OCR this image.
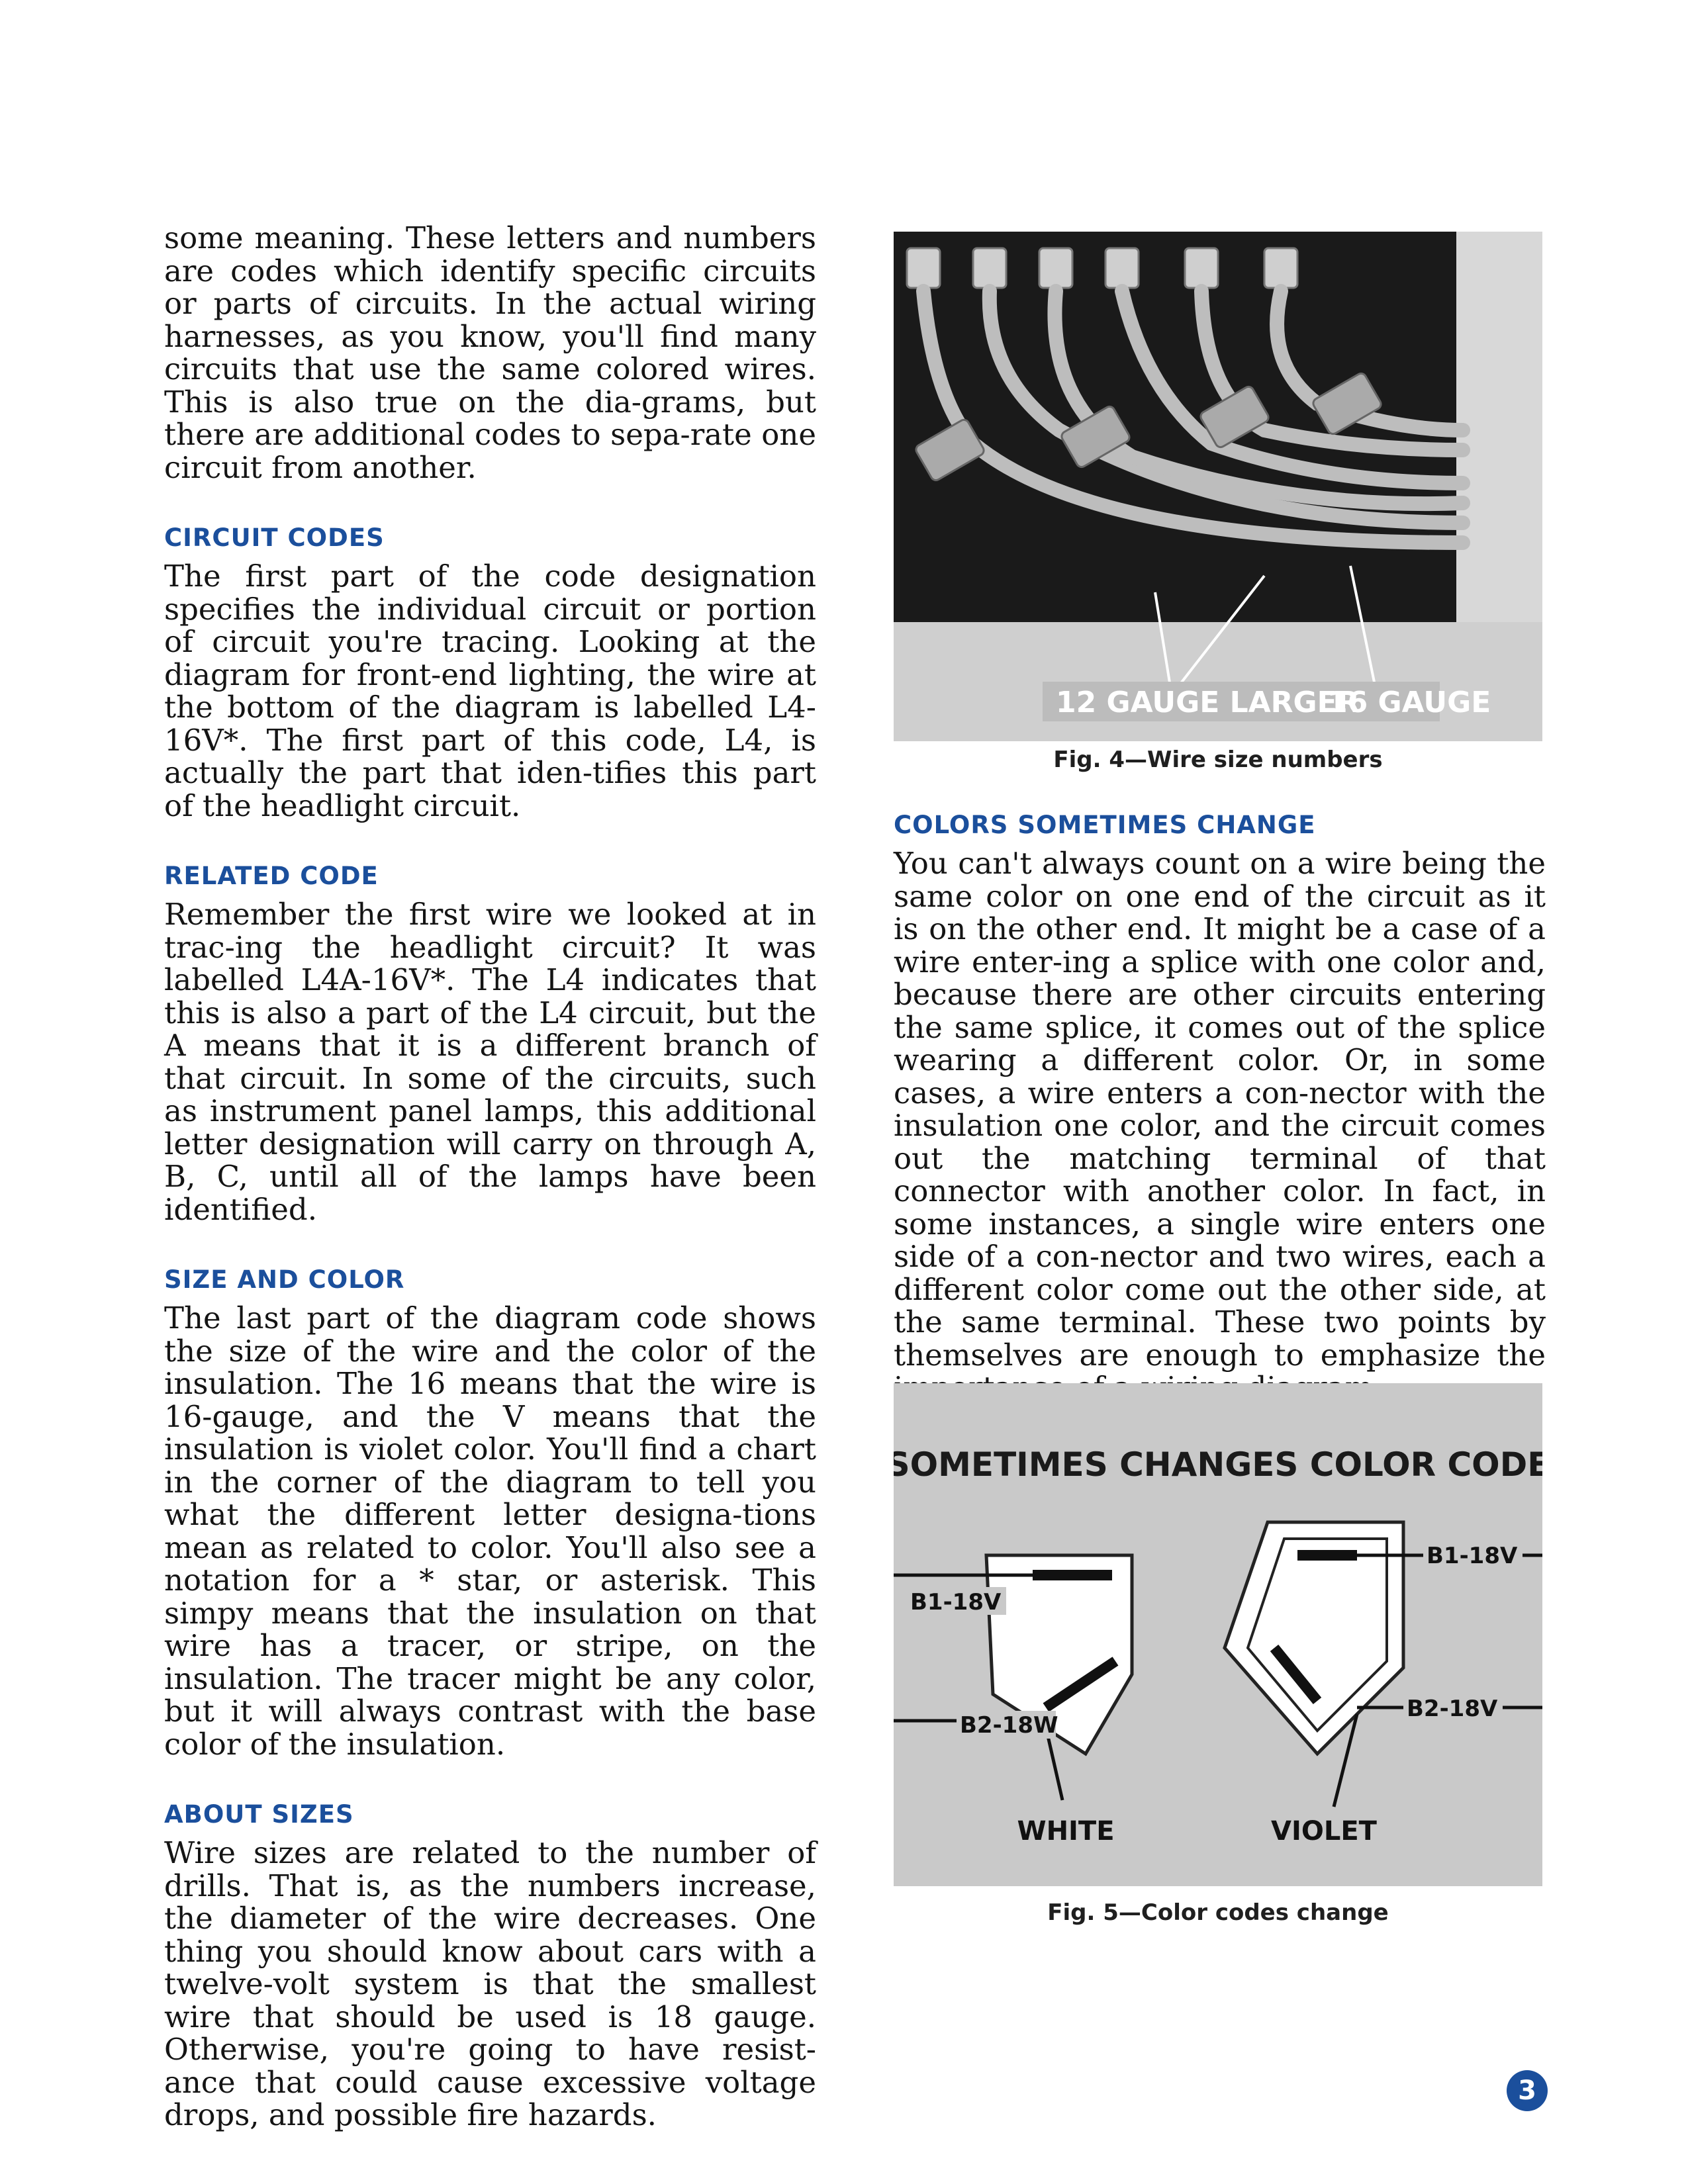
some meaning. These letters and numbers are codes which identify specific circuits or parts of circuits. In the actual wiring harnesses, as you know, you'll find many circuits that use the same colored wires. This is also true on the dia-grams, but there are additional codes to sepa-rate one circuit from another.

CIRCUIT CODES

The first part of the code designation specifies the individual circuit or portion of circuit you're tracing. Looking at the diagram for front-end lighting, the wire at the bottom of the diagram is labelled L4-16V*. The first part of this code, L4, is actually the part that iden-tifies this part of the headlight circuit.

RELATED CODE

Remember the first wire we looked at in trac-ing the headlight circuit? It was labelled L4A-16V*. The L4 indicates that this is also a part of the L4 circuit, but the A means that it is a different branch of that circuit. In some of the circuits, such as instrument panel lamps, this additional letter designation will carry on through A, B, C, until all of the lamps have been identified.

SIZE AND COLOR

The last part of the diagram code shows the size of the wire and the color of the insulation. The 16 means that the wire is 16-gauge, and the V means that the insulation is violet color. You'll find a chart in the corner of the diagram to tell you what the different letter designa-tions mean as related to color. You'll also see a notation for a * star, or asterisk. This simpy means that the insulation on that wire has a tracer, or stripe, on the insulation. The tracer might be any color, but it will always contrast with the base color of the insulation.

ABOUT SIZES

Wire sizes are related to the number of drills. That is, as the numbers increase, the diameter of the wire decreases. One thing you should know about cars with a twelve-volt system is that the smallest wire that should be used is 18 gauge. Otherwise, you're going to have resist-ance that could cause excessive voltage drops, and possible fire hazards.

12 GAUGE LARGER
16 GAUGE
Fig. 4—Wire size numbers
COLORS SOMETIMES CHANGE

You can't always count on a wire being the same color on one end of the circuit as it is on the other end. It might be a case of a wire enter-ing a splice with one color and, because there are other circuits entering the same splice, it comes out of the splice wearing a different color. Or, in some cases, a wire enters a con-nector with the insulation one color, and the circuit comes out the matching terminal of that connector with another color. In fact, in some instances, a single wire enters one side of a con-nector and two wires, each a different color come out the other side, at the same terminal. These two points by themselves are enough to emphasize the

SOMETIMES CHANGES COLOR CODE
B1-18V
B2-18W
B1-18V
B2-18V
WHITE	VIOLET
Fig. 5—Color codes change
3
